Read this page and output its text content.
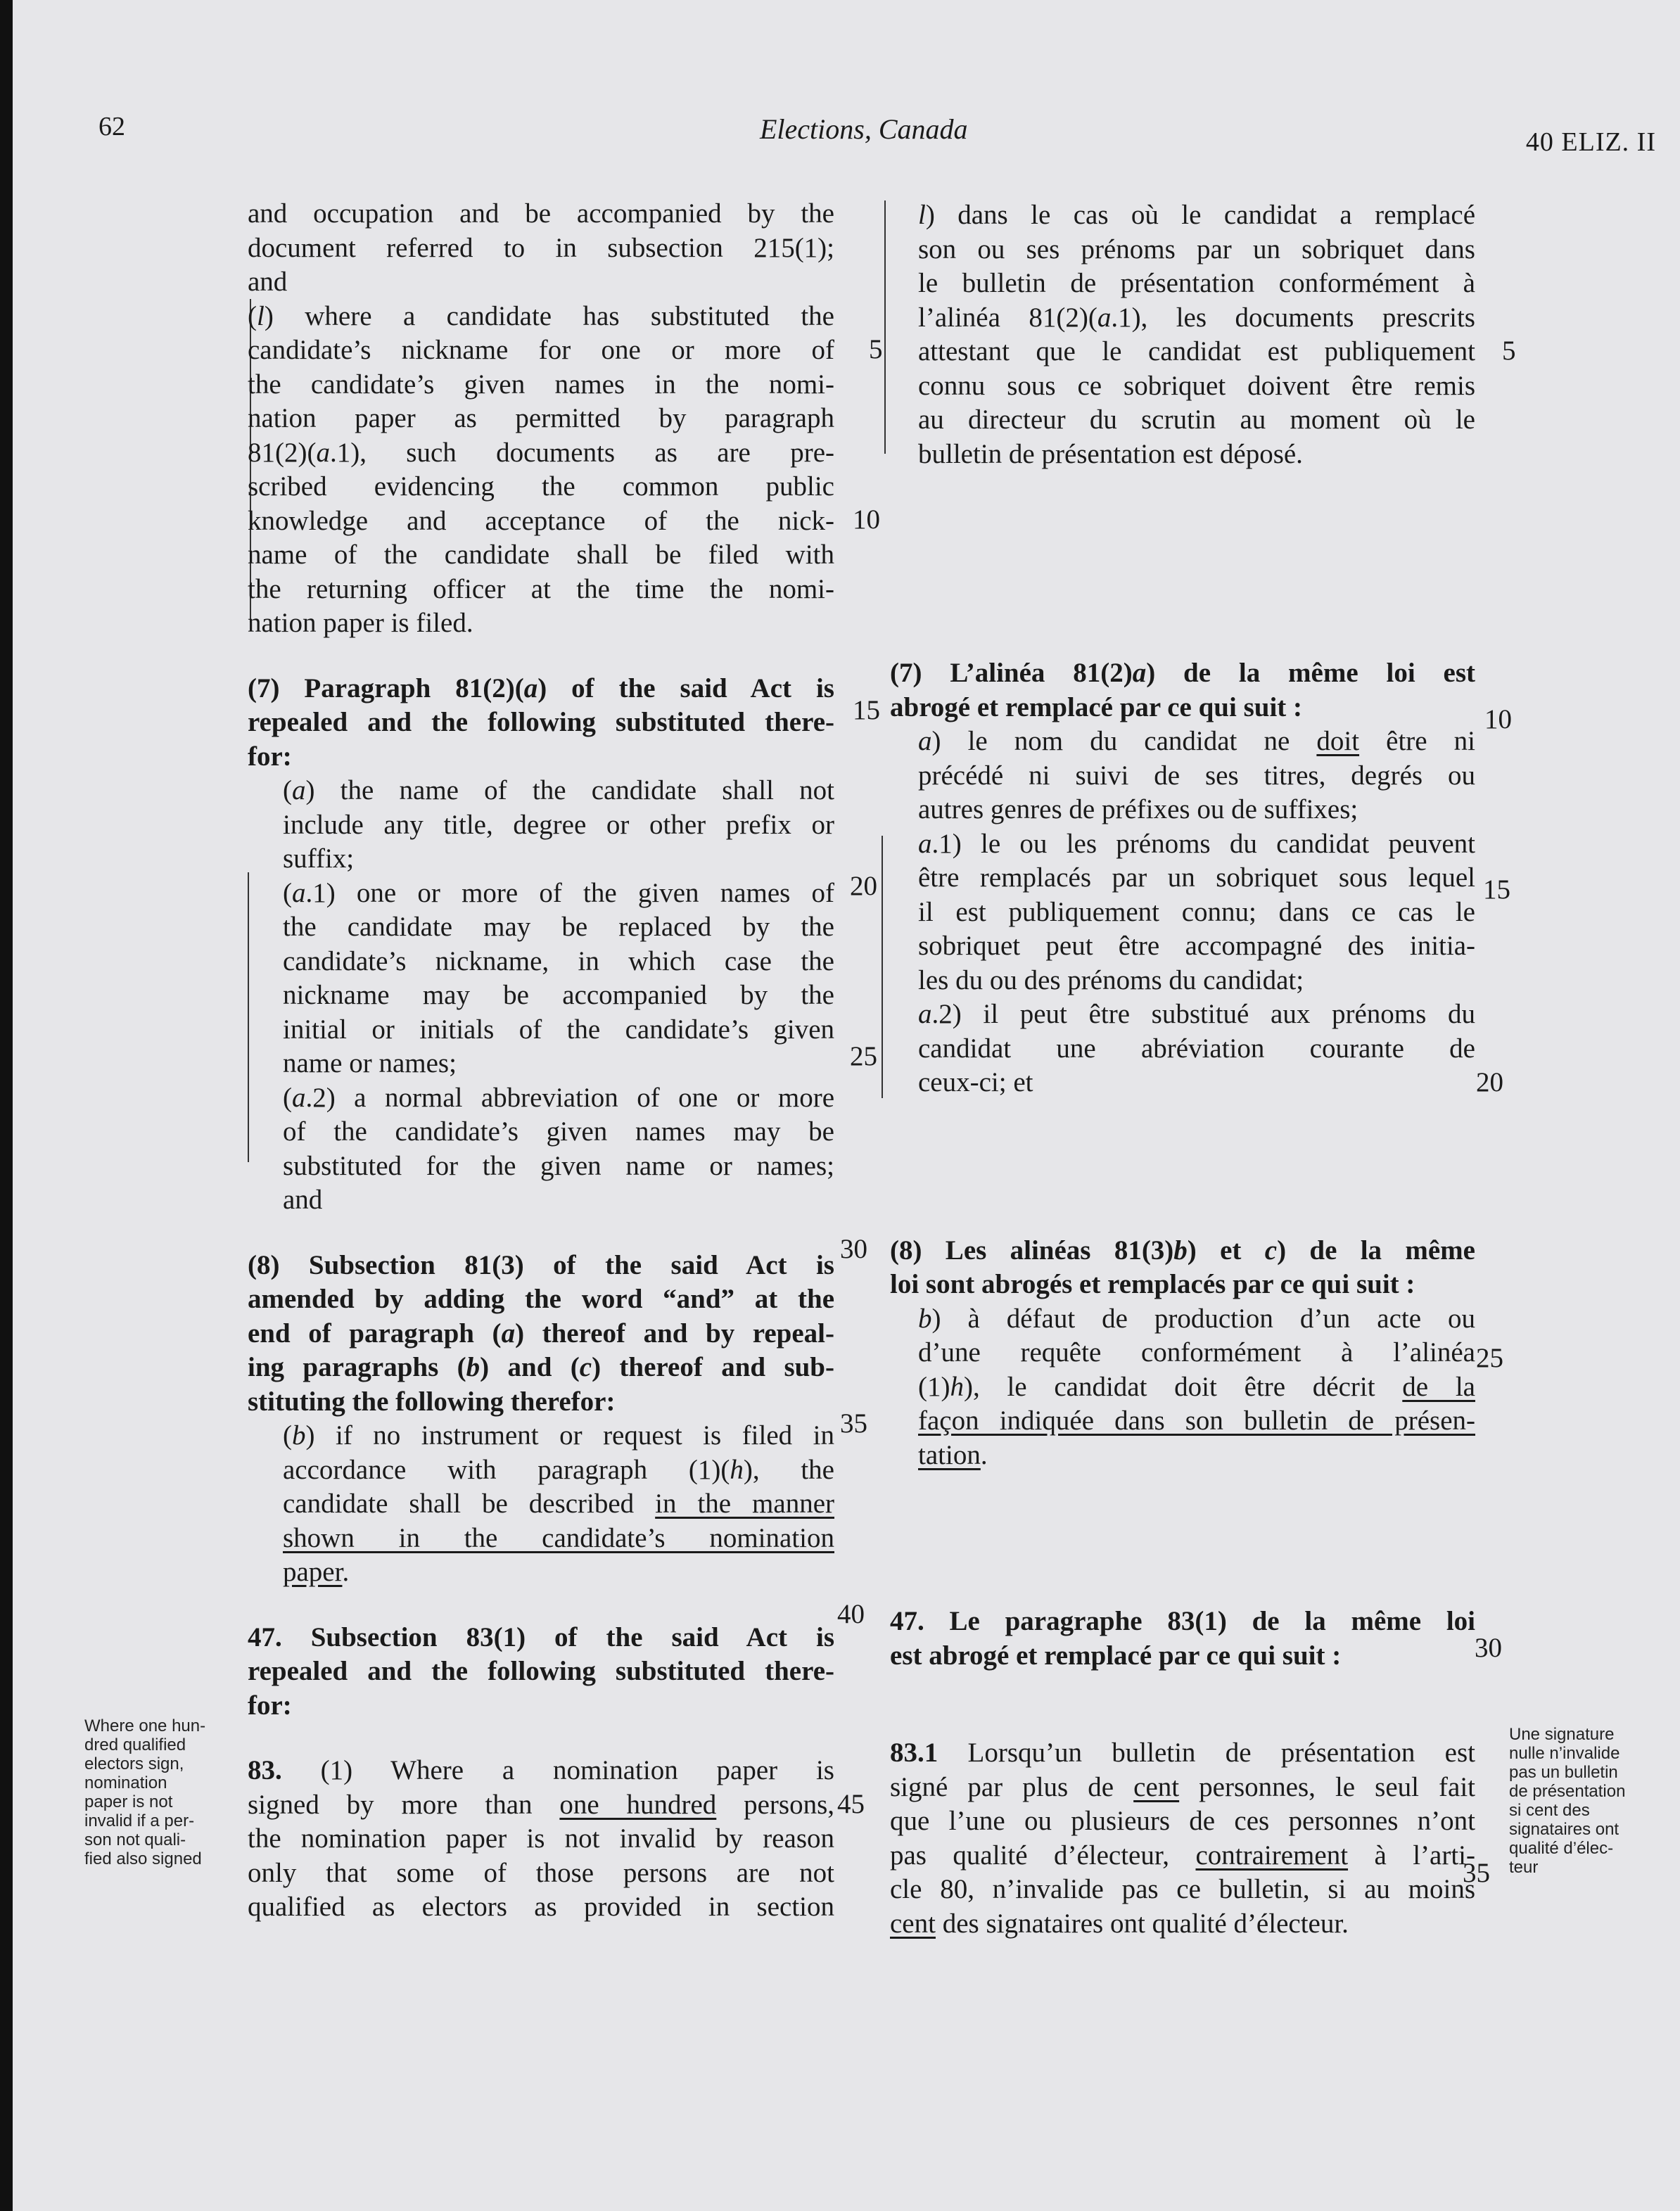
62	Elections, Canada	40 ELIZ. II
and occupation and be accompanied by the
document referred to in subsection 215(1);
and
(l) where a candidate has substituted the
candidate’s nickname for one or more of
the candidate’s given names in the nomi-
nation paper as permitted by paragraph
81(2)(a.1), such documents as are pre-
scribed evidencing the common public
knowledge and acceptance of the nick-
name of the candidate shall be filed with
the returning officer at the time the nomi-
nation paper is filed.
(7) Paragraph 81(2)(a) of the said Act is
repealed and the following substituted there-
for:
(a) the name of the candidate shall not
include any title, degree or other prefix or
suffix;
(a.1) one or more of the given names of
the candidate may be replaced by the
candidate’s nickname, in which case the
nickname may be accompanied by the
initial or initials of the candidate’s given
name or names;
(a.2) a normal abbreviation of one or more
of the candidate’s given names may be
substituted for the given name or names;
and
(8) Subsection 81(3) of the said Act is
amended by adding the word “and” at the
end of paragraph (a) thereof and by repeal-
ing paragraphs (b) and (c) thereof and sub-
stituting the following therefor:
(b) if no instrument or request is filed in
accordance with paragraph (1)(h), the
candidate shall be described in the manner
shown in the candidate’s nomination
paper.
47. Subsection 83(1) of the said Act is
repealed and the following substituted there-
for:
83. (1) Where a nomination paper is
signed by more than one hundred persons,
the nomination paper is not invalid by reason
only that some of those persons are not
qualified as electors as provided in section
5
10
15
20
25
30
35
40
45
Where one hun-
dred qualified
electors sign,
nomination
paper is not
invalid if a per-
son not quali-
fied also signed
l) dans le cas où le candidat a remplacé
son ou ses prénoms par un sobriquet dans
le bulletin de présentation conformément à
l’alinéa 81(2)(a.1), les documents prescrits
attestant que le candidat est publiquement
connu sous ce sobriquet doivent être remis
au directeur du scrutin au moment où le
bulletin de présentation est déposé.
(7) L’alinéa 81(2)a) de la même loi est
abrogé et remplacé par ce qui suit :
a) le nom du candidat ne doit être ni
précédé ni suivi de ses titres, degrés ou
autres genres de préfixes ou de suffixes;
a.1) le ou les prénoms du candidat peuvent
être remplacés par un sobriquet sous lequel
il est publiquement connu; dans ce cas le
sobriquet peut être accompagné des initia-
les du ou des prénoms du candidat;
a.2) il peut être substitué aux prénoms du
candidat une abréviation courante de
ceux-ci; et
(8) Les alinéas 81(3)b) et c) de la même
loi sont abrogés et remplacés par ce qui suit :
b) à défaut de production d’un acte ou
d’une requête conformément à l’alinéa
(1)h), le candidat doit être décrit de la
façon indiquée dans son bulletin de présen-
tation.
47. Le paragraphe 83(1) de la même loi
est abrogé et remplacé par ce qui suit :
83.1 Lorsqu’un bulletin de présentation est
signé par plus de cent personnes, le seul fait
que l’une ou plusieurs de ces personnes n’ont
pas qualité d’électeur, contrairement à l’arti-
cle 80, n’invalide pas ce bulletin, si au moins
cent des signataires ont qualité d’électeur.
5
10
15
20
25
30
35
Une signature
nulle n’invalide
pas un bulletin
de présentation
si cent des
signataires ont
qualité d’élec-
teur
